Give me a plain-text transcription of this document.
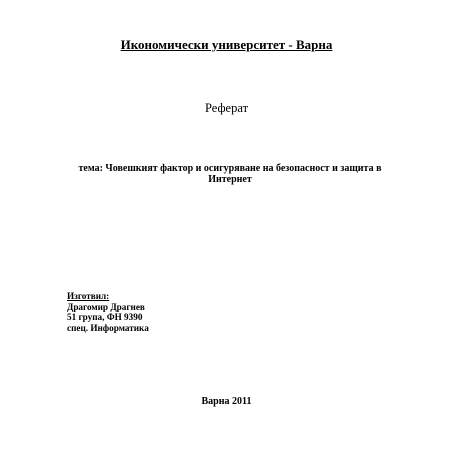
Икономически университет - Варна
Реферат
тема: Човешкият фактор и осигуряване на безопасност и защита в Интернет
Изготвил:
Драгомир Драгнев
51 група, ФН 9390
спец. Информатика
Варна 2011
